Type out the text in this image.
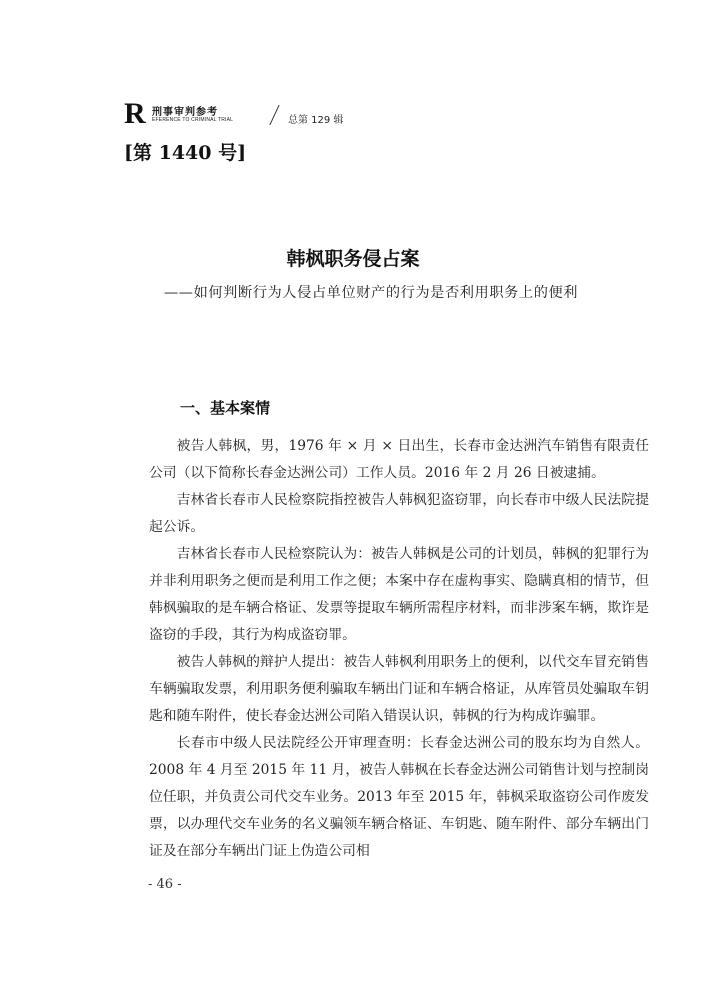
R 刑事审判参考
EFERENCE TO CRIMINAL TRIAL	总第 129 辑
[第 1440 号]
韩枫职务侵占案
——如何判断行为人侵占单位财产的行为是否利用职务上的便利
一、基本案情

被告人韩枫，男，1976 年 × 月 × 日出生，长春市金达洲汽车销售有限责任公司（以下简称长春金达洲公司）工作人员。2016 年 2 月 26 日被逮捕。

吉林省长春市人民检察院指控被告人韩枫犯盗窃罪，向长春市中级人民法院提起公诉。

吉林省长春市人民检察院认为：被告人韩枫是公司的计划员，韩枫的犯罪行为并非利用职务之便而是利用工作之便；本案中存在虚构事实、隐瞒真相的情节，但韩枫骗取的是车辆合格证、发票等提取车辆所需程序材料，而非涉案车辆，欺诈是盗窃的手段，其行为构成盗窃罪。

被告人韩枫的辩护人提出：被告人韩枫利用职务上的便利，以代交车冒充销售车辆骗取发票，利用职务便利骗取车辆出门证和车辆合格证，从库管员处骗取车钥匙和随车附件，使长春金达洲公司陷入错误认识，韩枫的行为构成诈骗罪。

长春市中级人民法院经公开审理查明：长春金达洲公司的股东均为自然人。2008 年 4 月至 2015 年 11 月，被告人韩枫在长春金达洲公司销售计划与控制岗位任职，并负责公司代交车业务。2013 年至 2015 年，韩枫采取盗窃公司作废发票，以办理代交车业务的名义骗领车辆合格证、车钥匙、随车附件、部分车辆出门证及在部分车辆出门证上伪造公司相

- 46 -
